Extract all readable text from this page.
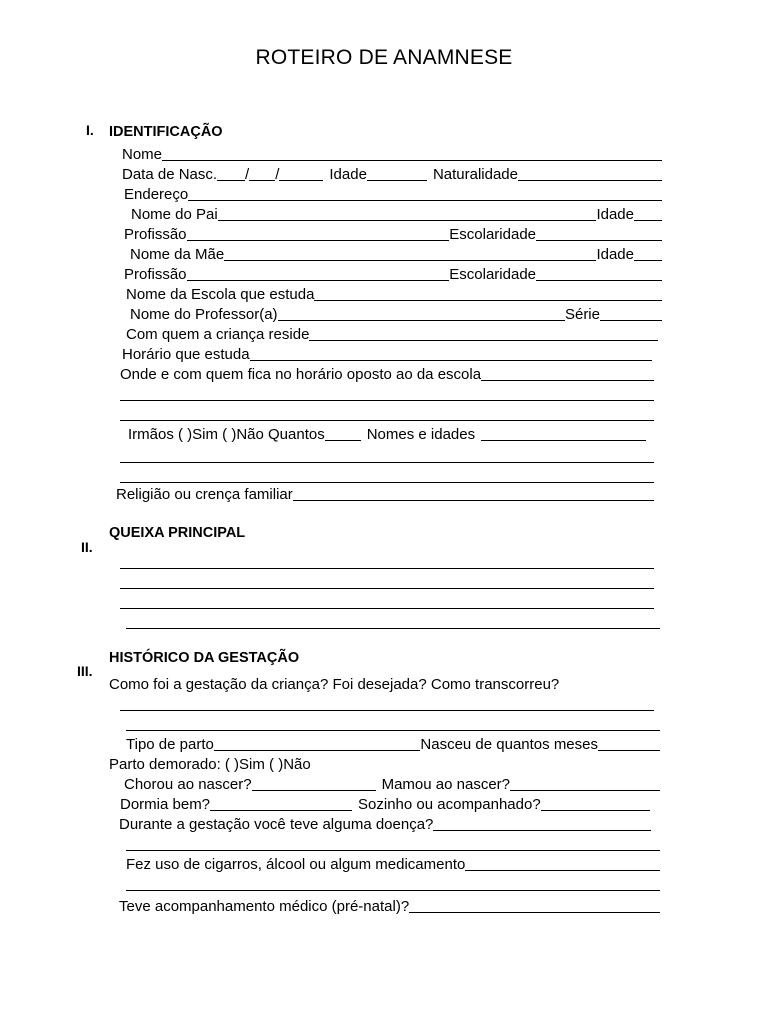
ROTEIRO DE ANAMNESE
I. IDENTIFICAÇÃO
Nome
Data de Nasc. / /	Idade	Naturalidade
Endereço
Nome do Pai	Idade
Profissão	Escolaridade
Nome da Mãe	Idade
Profissão	Escolaridade
Nome da Escola que estuda
Nome do Professor(a)	Série
Com quem a criança reside
Horário que estuda
Onde e com quem fica no horário oposto ao da escola
Irmãos ( )Sim ( )Não Quantos	Nomes e idades
Religião ou crença familiar
QUEIXA PRINCIPAL
II.
HISTÓRICO DA GESTAÇÃO
III.
Como foi a gestação da criança? Foi desejada? Como transcorreu?
Tipo de parto	Nasceu de quantos meses
Parto demorado: ( )Sim ( )Não
Chorou ao nascer?	Mamou ao nascer?
Dormia bem?	Sozinho ou acompanhado?
Durante a gestação você teve alguma doença?
Fez uso de cigarros, álcool ou algum medicamento
Teve acompanhamento médico (pré-natal)?
